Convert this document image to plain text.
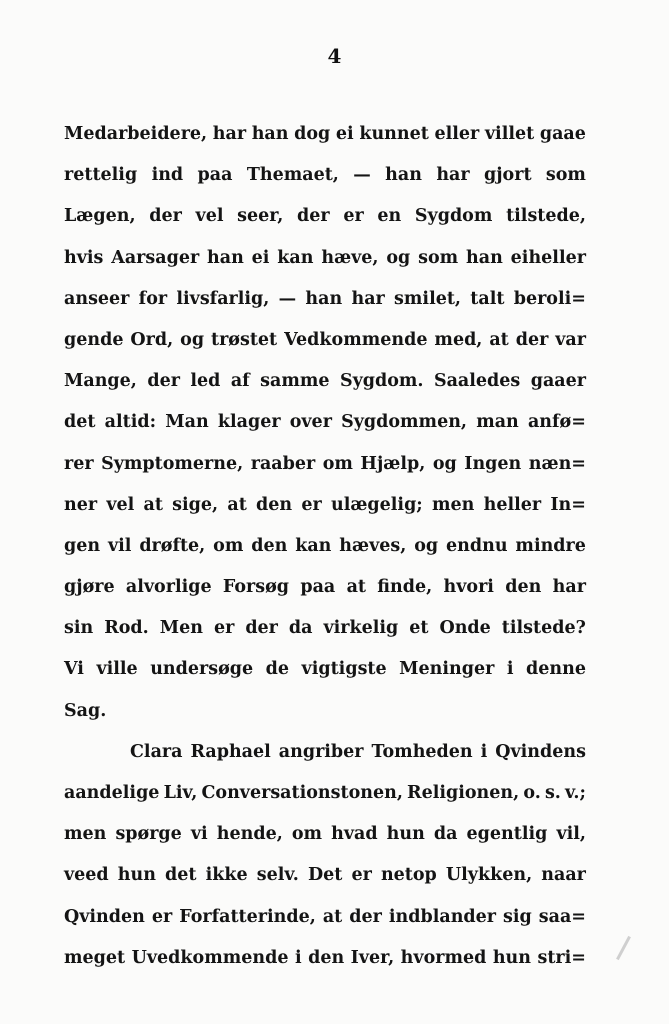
4
Medarbeidere, har han dog ei kunnet eller villet gaae
rettelig ind paa Themaet, — han har gjort som
Lægen, der vel seer, der er en Sygdom tilstede,
hvis Aarsager han ei kan hæve, og som han eiheller
anseer for livsfarlig, — han har smilet, talt beroli=
gende Ord, og trøstet Vedkommende med, at der var
Mange, der led af samme Sygdom. Saaledes gaaer
det altid: Man klager over Sygdommen, man anfø=
rer Symptomerne, raaber om Hjælp, og Ingen næn=
ner vel at sige, at den er ulægelig; men heller In=
gen vil drøfte, om den kan hæves, og endnu mindre
gjøre alvorlige Forsøg paa at finde, hvori den har
sin Rod. Men er der da virkelig et Onde tilstede?
Vi ville undersøge de vigtigste Meninger i denne
Sag.
Clara Raphael angriber Tomheden i Qvindens
aandelige Liv, Conversationstonen, Religionen, o. s. v.;
men spørge vi hende, om hvad hun da egentlig vil,
veed hun det ikke selv. Det er netop Ulykken, naar
Qvinden er Forfatterinde, at der indblander sig saa=
meget Uvedkommende i den Iver, hvormed hun stri=
